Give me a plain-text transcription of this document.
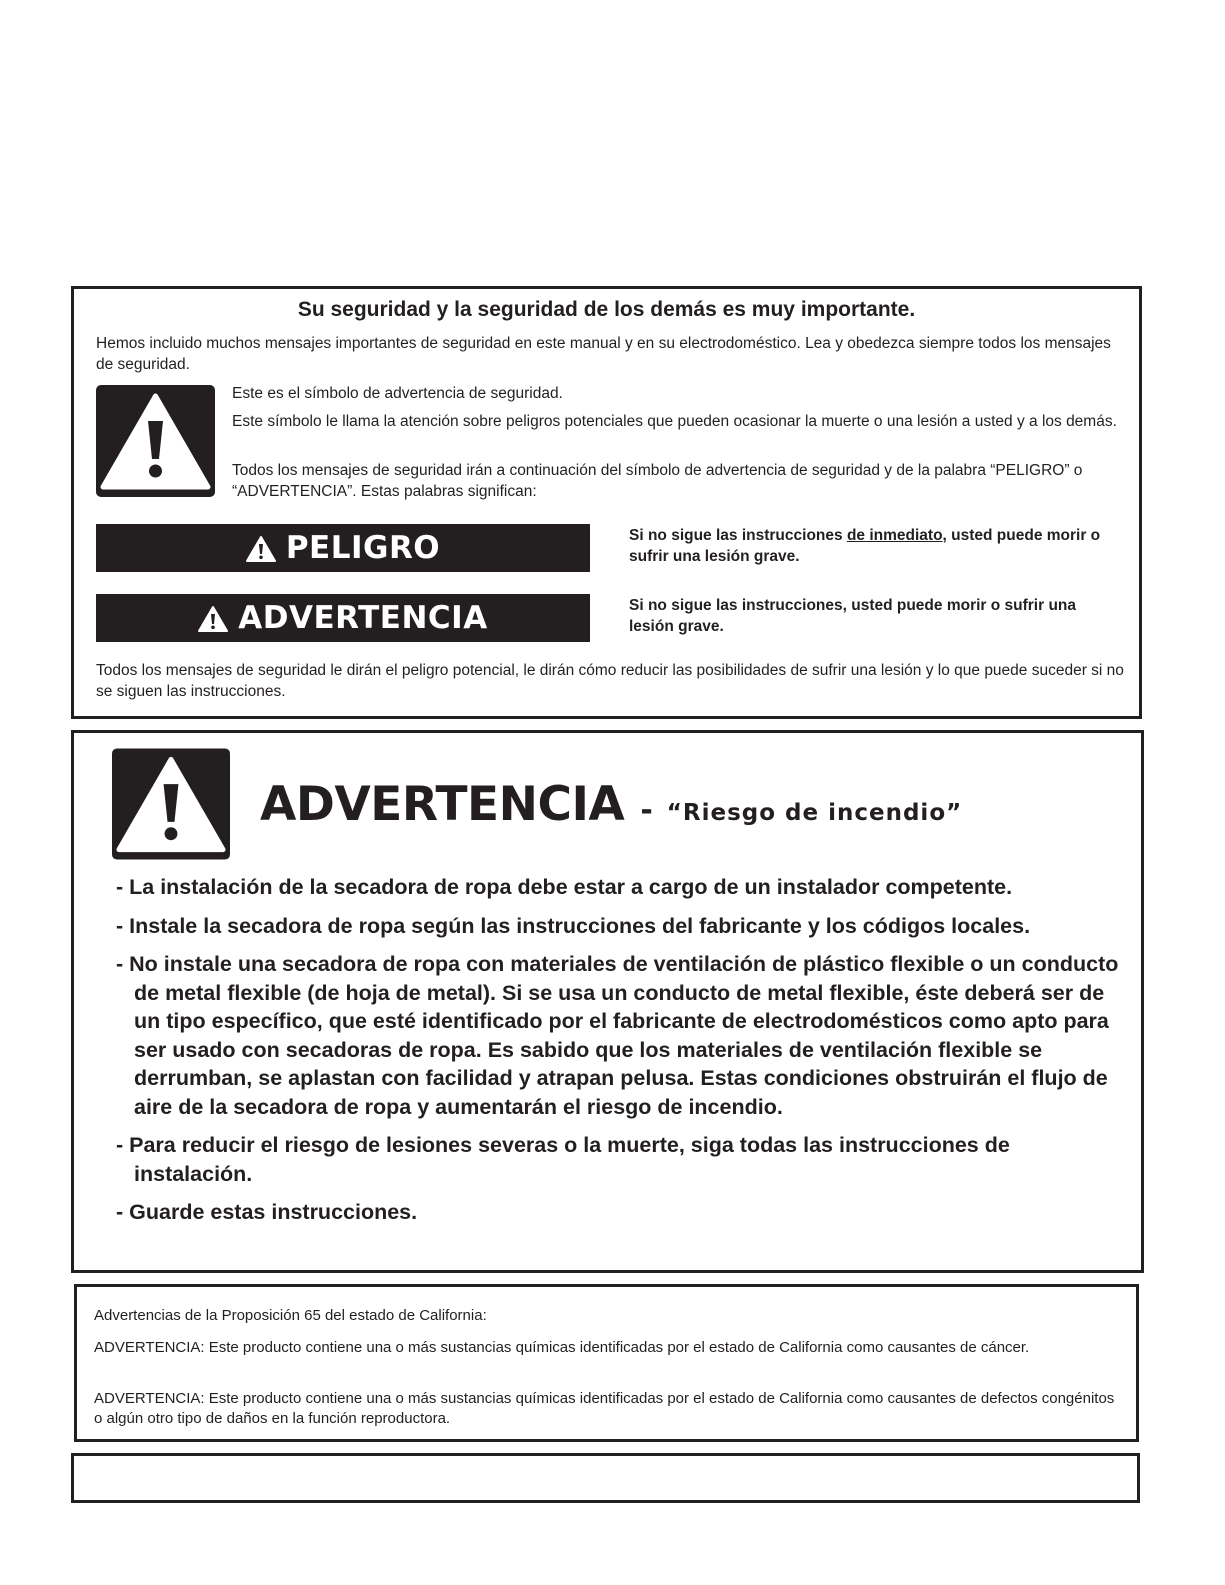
Su seguridad y la seguridad de los demás es muy importante.
Hemos incluido muchos mensajes importantes de seguridad en este manual y en su electrodoméstico. Lea y obedezca siempre todos los mensajes de seguridad.
Este es el símbolo de advertencia de seguridad.
Este símbolo le llama la atención sobre peligros potenciales que pueden ocasionar la muerte o una lesión a usted y a los demás.
Todos los mensajes de seguridad irán a continuación del símbolo de advertencia de seguridad y de la palabra “PELIGRO” o “ADVERTENCIA”. Estas palabras significan:
PELIGRO	Si no sigue las instrucciones de inmediato, usted puede morir o sufrir una lesión grave.
ADVERTENCIA	Si no sigue las instrucciones, usted puede morir o sufrir una lesión grave.
Todos los mensajes de seguridad le dirán el peligro potencial, le dirán cómo reducir las posibilidades de sufrir una lesión y lo que puede suceder si no se siguen las instrucciones.
ADVERTENCIA - “Riesgo de incendio”
- La instalación de la secadora de ropa debe estar a cargo de un instalador competente.
- Instale la secadora de ropa según las instrucciones del fabricante y los códigos locales.
- No instale una secadora de ropa con materiales de ventilación de plástico flexible o un conducto de metal flexible (de hoja de metal). Si se usa un conducto de metal flexible, éste deberá ser de un tipo específico, que esté identificado por el fabricante de electrodomésticos como apto para ser usado con secadoras de ropa. Es sabido que los materiales de ventilación flexible se derrumban, se aplastan con facilidad y atrapan pelusa. Estas condiciones obstruirán el flujo de aire de la secadora de ropa y aumentarán el riesgo de incendio.
- Para reducir el riesgo de lesiones severas o la muerte, siga todas las instrucciones de instalación.
- Guarde estas instrucciones.
Advertencias de la Proposición 65 del estado de California:
ADVERTENCIA: Este producto contiene una o más sustancias químicas identificadas por el estado de California como causantes de cáncer.
ADVERTENCIA: Este producto contiene una o más sustancias químicas identificadas por el estado de California como causantes de defectos congénitos o algún otro tipo de daños en la función reproductora.
